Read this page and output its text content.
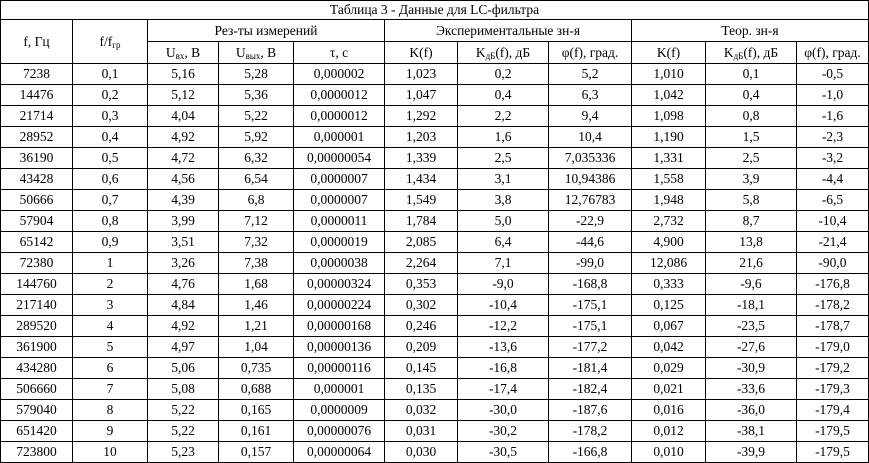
Таблица 3 - Данные для LC-фильтра										
f, Гц	$f/f_{гр}$	Рез-ты измерений			Экспериментальные зн-я			Теор. зн-я		
		$U_{вх}$, В	$U_{вых}$, В	τ, с	K(f)	$K_{дБ}(f)$, дБ	φ(f), град.	K(f)	$K_{дБ}(f)$, дБ	φ(f), град.
7238	0,1	5,16	5,28	0,000002	1,023	0,2	5,2	1,010	0,1	-0,5
14476	0,2	5,12	5,36	0,0000012	1,047	0,4	6,3	1,042	0,4	-1,0
21714	0,3	4,04	5,22	0,0000012	1,292	2,2	9,4	1,098	0,8	-1,6
28952	0,4	4,92	5,92	0,000001	1,203	1,6	10,4	1,190	1,5	-2,3
36190	0,5	4,72	6,32	0,00000054	1,339	2,5	7,035336	1,331	2,5	-3,2
43428	0,6	4,56	6,54	0,0000007	1,434	3,1	10,94386	1,558	3,9	-4,4
50666	0,7	4,39	6,8	0,0000007	1,549	3,8	12,76783	1,948	5,8	-6,5
57904	0,8	3,99	7,12	0,0000011	1,784	5,0	-22,9	2,732	8,7	-10,4
65142	0,9	3,51	7,32	0,0000019	2,085	6,4	-44,6	4,900	13,8	-21,4
72380	1	3,26	7,38	0,0000038	2,264	7,1	-99,0	12,086	21,6	-90,0
144760	2	4,76	1,68	0,00000324	0,353	-9,0	-168,8	0,333	-9,6	-176,8
217140	3	4,84	1,46	0,00000224	0,302	-10,4	-175,1	0,125	-18,1	-178,2
289520	4	4,92	1,21	0,00000168	0,246	-12,2	-175,1	0,067	-23,5	-178,7
361900	5	4,97	1,04	0,00000136	0,209	-13,6	-177,2	0,042	-27,6	-179,0
434280	6	5,06	0,735	0,00000116	0,145	-16,8	-181,4	0,029	-30,9	-179,2
506660	7	5,08	0,688	0,000001	0,135	-17,4	-182,4	0,021	-33,6	-179,3
579040	8	5,22	0,165	0,0000009	0,032	-30,0	-187,6	0,016	-36,0	-179,4
651420	9	5,22	0,161	0,00000076	0,031	-30,2	-178,2	0,012	-38,1	-179,5
723800	10	5,23	0,157	0,00000064	0,030	-30,5	-166,8	0,010	-39,9	-179,5
